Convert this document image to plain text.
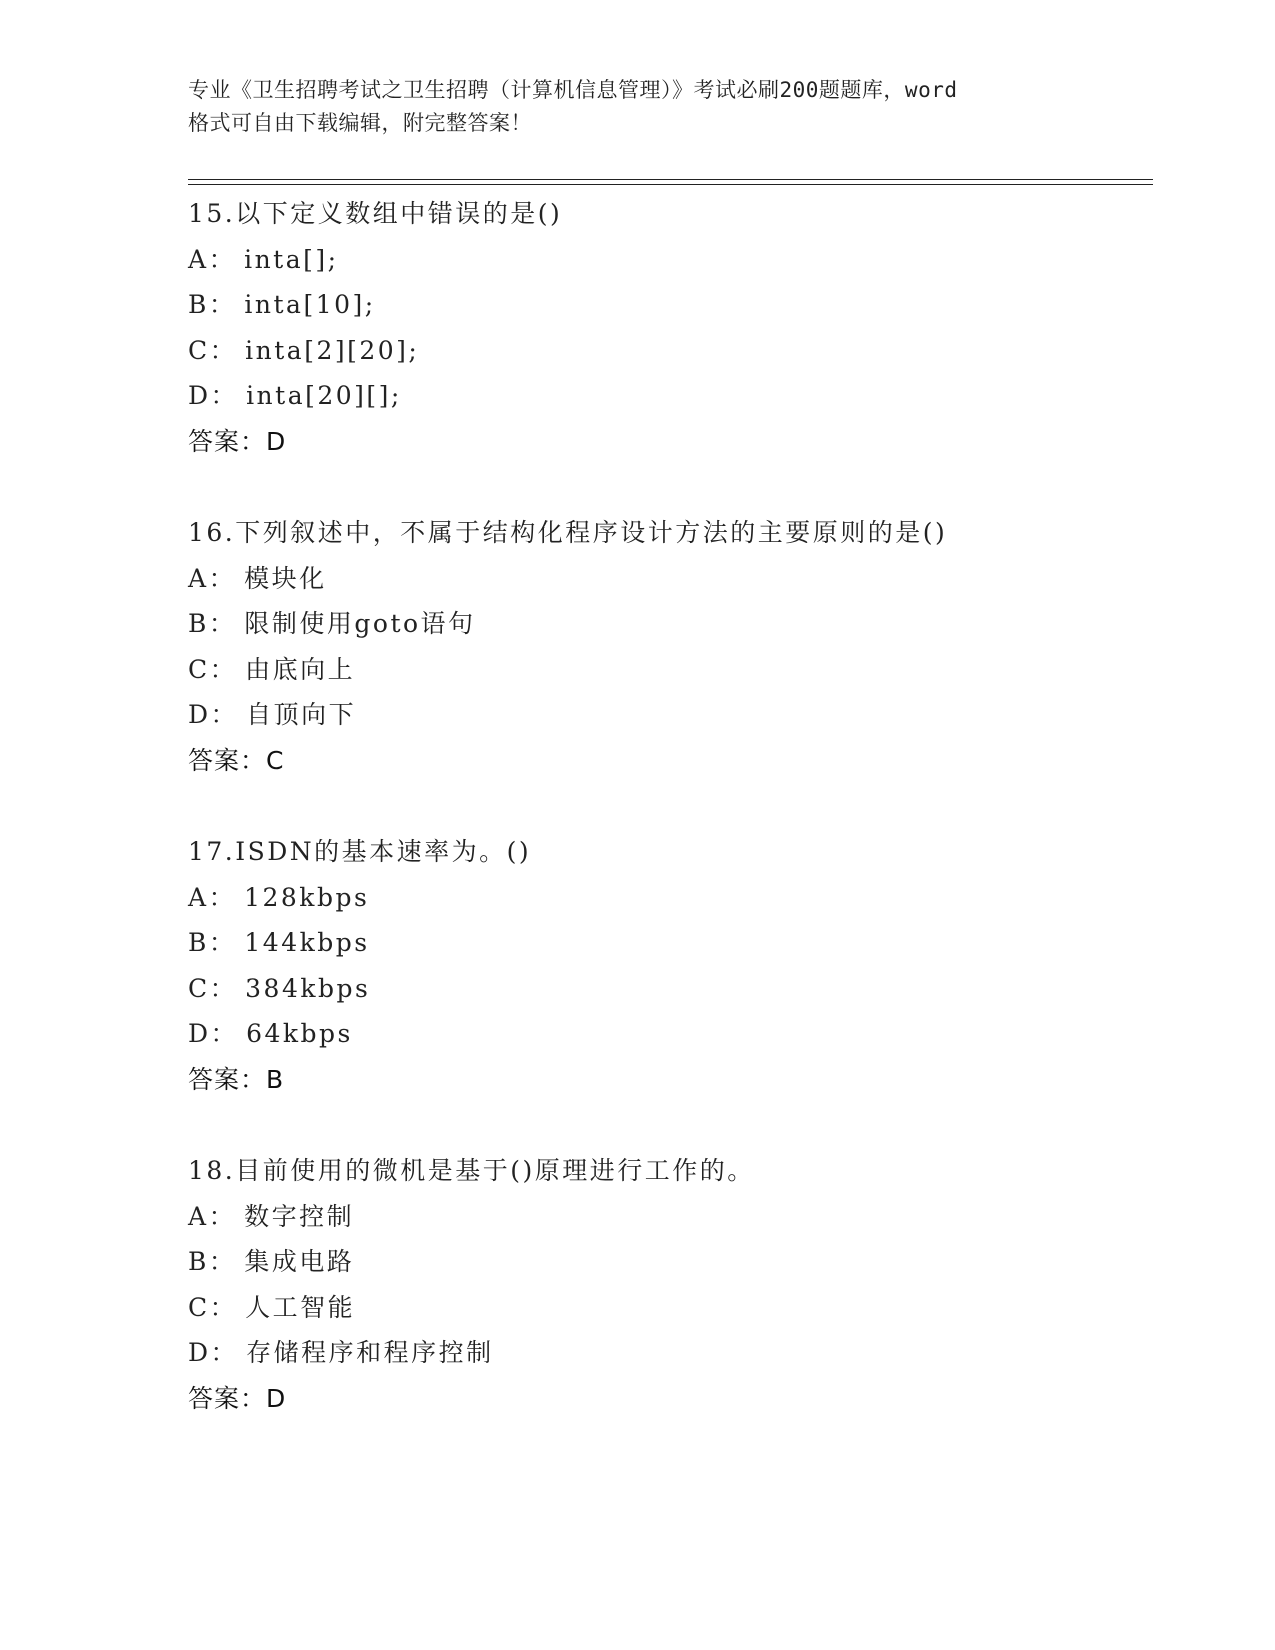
专业《卫生招聘考试之卫生招聘（计算机信息管理）》考试必刷200题题库，word
格式可自由下载编辑，附完整答案！
15.以下定义数组中错误的是()
A： inta[];
B： inta[10];
C： inta[2][20];
D： inta[20][];
答案：D
16.下列叙述中，不属于结构化程序设计方法的主要原则的是()
A： 模块化
B： 限制使用goto语句
C： 由底向上
D： 自顶向下
答案：C
17.ISDN的基本速率为。()
A： 128kbps
B： 144kbps
C： 384kbps
D： 64kbps
答案：B
18.目前使用的微机是基于()原理进行工作的。
A： 数字控制
B： 集成电路
C： 人工智能
D： 存储程序和程序控制
答案：D
